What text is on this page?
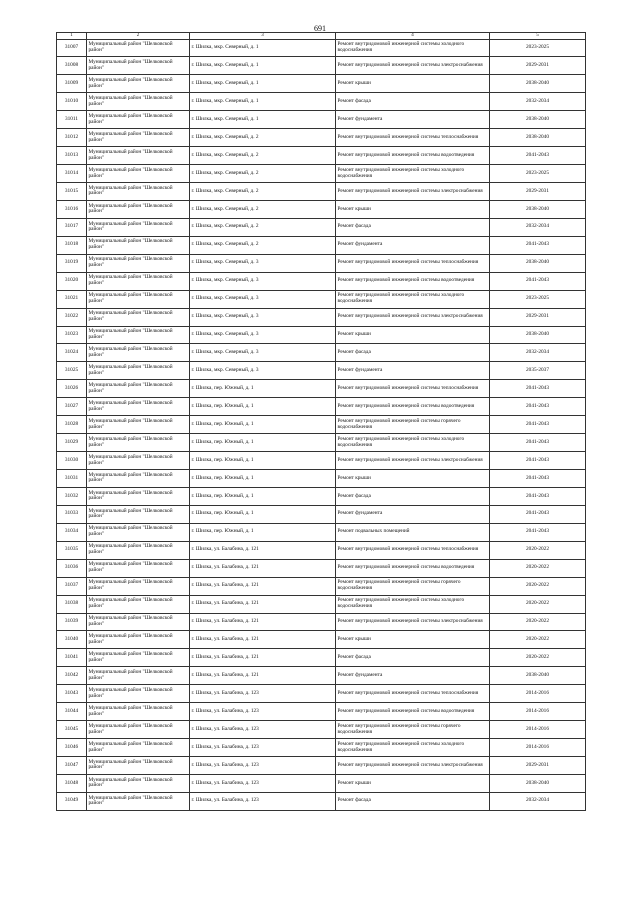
691
1	2	3	4	5
31007	Муниципальный район "Шелковской район"	г. Шилка, мкр. Северный, д. 1	Ремонт внутридомовой инженерной системы холодного водоснабжения	2023-2025
31008	Муниципальный район "Шелковской район"	г. Шилка, мкр. Северный, д. 1	Ремонт внутридомовой инженерной системы электроснабжения	2029-2031
31009	Муниципальный район "Шелковской район"	г. Шилка, мкр. Северный, д. 1	Ремонт крыши	2038-2040
31010	Муниципальный район "Шелковской район"	г. Шилка, мкр. Северный, д. 1	Ремонт фасада	2032-2034
31011	Муниципальный район "Шелковской район"	г. Шилка, мкр. Северный, д. 1	Ремонт фундамента	2038-2040
31012	Муниципальный район "Шелковской район"	г. Шилка, мкр. Северный, д. 2	Ремонт внутридомовой инженерной системы теплоснабжения	2038-2040
31013	Муниципальный район "Шелковской район"	г. Шилка, мкр. Северный, д. 2	Ремонт внутридомовой инженерной системы водоотведения	2041-2043
31014	Муниципальный район "Шелковской район"	г. Шилка, мкр. Северный, д. 2	Ремонт внутридомовой инженерной системы холодного водоснабжения	2023-2025
31015	Муниципальный район "Шелковской район"	г. Шилка, мкр. Северный, д. 2	Ремонт внутридомовой инженерной системы электроснабжения	2029-2031
31016	Муниципальный район "Шелковской район"	г. Шилка, мкр. Северный, д. 2	Ремонт крыши	2038-2040
31017	Муниципальный район "Шелковской район"	г. Шилка, мкр. Северный, д. 2	Ремонт фасада	2032-2034
31018	Муниципальный район "Шелковской район"	г. Шилка, мкр. Северный, д. 2	Ремонт фундамента	2041-2043
31019	Муниципальный район "Шелковской район"	г. Шилка, мкр. Северный, д. 3	Ремонт внутридомовой инженерной системы теплоснабжения	2038-2040
31020	Муниципальный район "Шелковской район"	г. Шилка, мкр. Северный, д. 3	Ремонт внутридомовой инженерной системы водоотведения	2041-2043
31021	Муниципальный район "Шелковской район"	г. Шилка, мкр. Северный, д. 3	Ремонт внутридомовой инженерной системы холодного водоснабжения	2023-2025
31022	Муниципальный район "Шелковской район"	г. Шилка, мкр. Северный, д. 3	Ремонт внутридомовой инженерной системы электроснабжения	2029-2031
31023	Муниципальный район "Шелковской район"	г. Шилка, мкр. Северный, д. 3	Ремонт крыши	2038-2040
31024	Муниципальный район "Шелковской район"	г. Шилка, мкр. Северный, д. 3	Ремонт фасада	2032-2034
31025	Муниципальный район "Шелковской район"	г. Шилка, мкр. Северный, д. 3	Ремонт фундамента	2035-2037
31026	Муниципальный район "Шелковской район"	г. Шилка, пер. Южный, д. 1	Ремонт внутридомовой инженерной системы теплоснабжения	2041-2043
31027	Муниципальный район "Шелковской район"	г. Шилка, пер. Южный, д. 1	Ремонт внутридомовой инженерной системы водоотведения	2041-2043
31028	Муниципальный район "Шелковской район"	г. Шилка, пер. Южный, д. 1	Ремонт внутридомовой инженерной системы горячего водоснабжения	2041-2043
31029	Муниципальный район "Шелковской район"	г. Шилка, пер. Южный, д. 1	Ремонт внутридомовой инженерной системы холодного водоснабжения	2041-2043
31030	Муниципальный район "Шелковской район"	г. Шилка, пер. Южный, д. 1	Ремонт внутридомовой инженерной системы электроснабжения	2041-2043
31031	Муниципальный район "Шелковской район"	г. Шилка, пер. Южный, д. 1	Ремонт крыши	2041-2043
31032	Муниципальный район "Шелковской район"	г. Шилка, пер. Южный, д. 1	Ремонт фасада	2041-2043
31033	Муниципальный район "Шелковской район"	г. Шилка, пер. Южный, д. 1	Ремонт фундамента	2041-2043
31034	Муниципальный район "Шелковской район"	г. Шилка, пер. Южный, д. 1	Ремонт подвальных помещений	2041-2043
31035	Муниципальный район "Шелковской район"	г. Шилка, ул. Балабина, д. 121	Ремонт внутридомовой инженерной системы теплоснабжения	2020-2022
31036	Муниципальный район "Шелковской район"	г. Шилка, ул. Балабина, д. 121	Ремонт внутридомовой инженерной системы водоотведения	2020-2022
31037	Муниципальный район "Шелковской район"	г. Шилка, ул. Балабина, д. 121	Ремонт внутридомовой инженерной системы горячего водоснабжения	2020-2022
31038	Муниципальный район "Шелковской район"	г. Шилка, ул. Балабина, д. 121	Ремонт внутридомовой инженерной системы холодного водоснабжения	2020-2022
31039	Муниципальный район "Шелковской район"	г. Шилка, ул. Балабина, д. 121	Ремонт внутридомовой инженерной системы электроснабжения	2020-2022
31040	Муниципальный район "Шелковской район"	г. Шилка, ул. Балабина, д. 121	Ремонт крыши	2020-2022
31041	Муниципальный район "Шелковской район"	г. Шилка, ул. Балабина, д. 121	Ремонт фасада	2020-2022
31042	Муниципальный район "Шелковской район"	г. Шилка, ул. Балабина, д. 121	Ремонт фундамента	2038-2040
31043	Муниципальный район "Шелковской район"	г. Шилка, ул. Балабина, д. 123	Ремонт внутридомовой инженерной системы теплоснабжения	2014-2016
31044	Муниципальный район "Шелковской район"	г. Шилка, ул. Балабина, д. 123	Ремонт внутридомовой инженерной системы водоотведения	2014-2016
31045	Муниципальный район "Шелковской район"	г. Шилка, ул. Балабина, д. 123	Ремонт внутридомовой инженерной системы горячего водоснабжения	2014-2016
31046	Муниципальный район "Шелковской район"	г. Шилка, ул. Балабина, д. 123	Ремонт внутридомовой инженерной системы холодного водоснабжения	2014-2016
31047	Муниципальный район "Шелковской район"	г. Шилка, ул. Балабина, д. 123	Ремонт внутридомовой инженерной системы электроснабжения	2029-2031
31048	Муниципальный район "Шелковской район"	г. Шилка, ул. Балабина, д. 123	Ремонт крыши	2038-2040
31049	Муниципальный район "Шелковской район"	г. Шилка, ул. Балабина, д. 123	Ремонт фасада	2032-2034
